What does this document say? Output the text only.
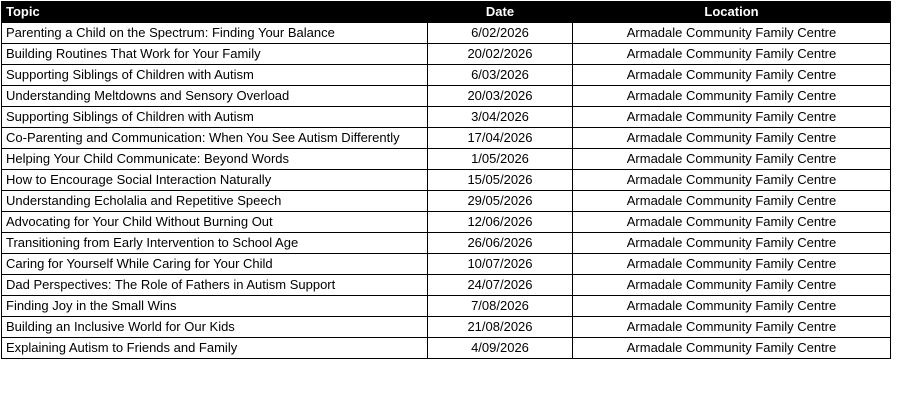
Topic	Date	Location
Parenting a Child on the Spectrum: Finding Your Balance	6/02/2026	Armadale Community Family Centre
Building Routines That Work for Your Family	20/02/2026	Armadale Community Family Centre
Supporting Siblings of Children with Autism	6/03/2026	Armadale Community Family Centre
Understanding Meltdowns and Sensory Overload	20/03/2026	Armadale Community Family Centre
Supporting Siblings of Children with Autism	3/04/2026	Armadale Community Family Centre
Co-Parenting and Communication: When You See Autism Differently	17/04/2026	Armadale Community Family Centre
Helping Your Child Communicate: Beyond Words	1/05/2026	Armadale Community Family Centre
How to Encourage Social Interaction Naturally	15/05/2026	Armadale Community Family Centre
Understanding Echolalia and Repetitive Speech	29/05/2026	Armadale Community Family Centre
Advocating for Your Child Without Burning Out	12/06/2026	Armadale Community Family Centre
Transitioning from Early Intervention to School Age	26/06/2026	Armadale Community Family Centre
Caring for Yourself While Caring for Your Child	10/07/2026	Armadale Community Family Centre
Dad Perspectives: The Role of Fathers in Autism Support	24/07/2026	Armadale Community Family Centre
Finding Joy in the Small Wins	7/08/2026	Armadale Community Family Centre
Building an Inclusive World for Our Kids	21/08/2026	Armadale Community Family Centre
Explaining Autism to Friends and Family	4/09/2026	Armadale Community Family Centre
